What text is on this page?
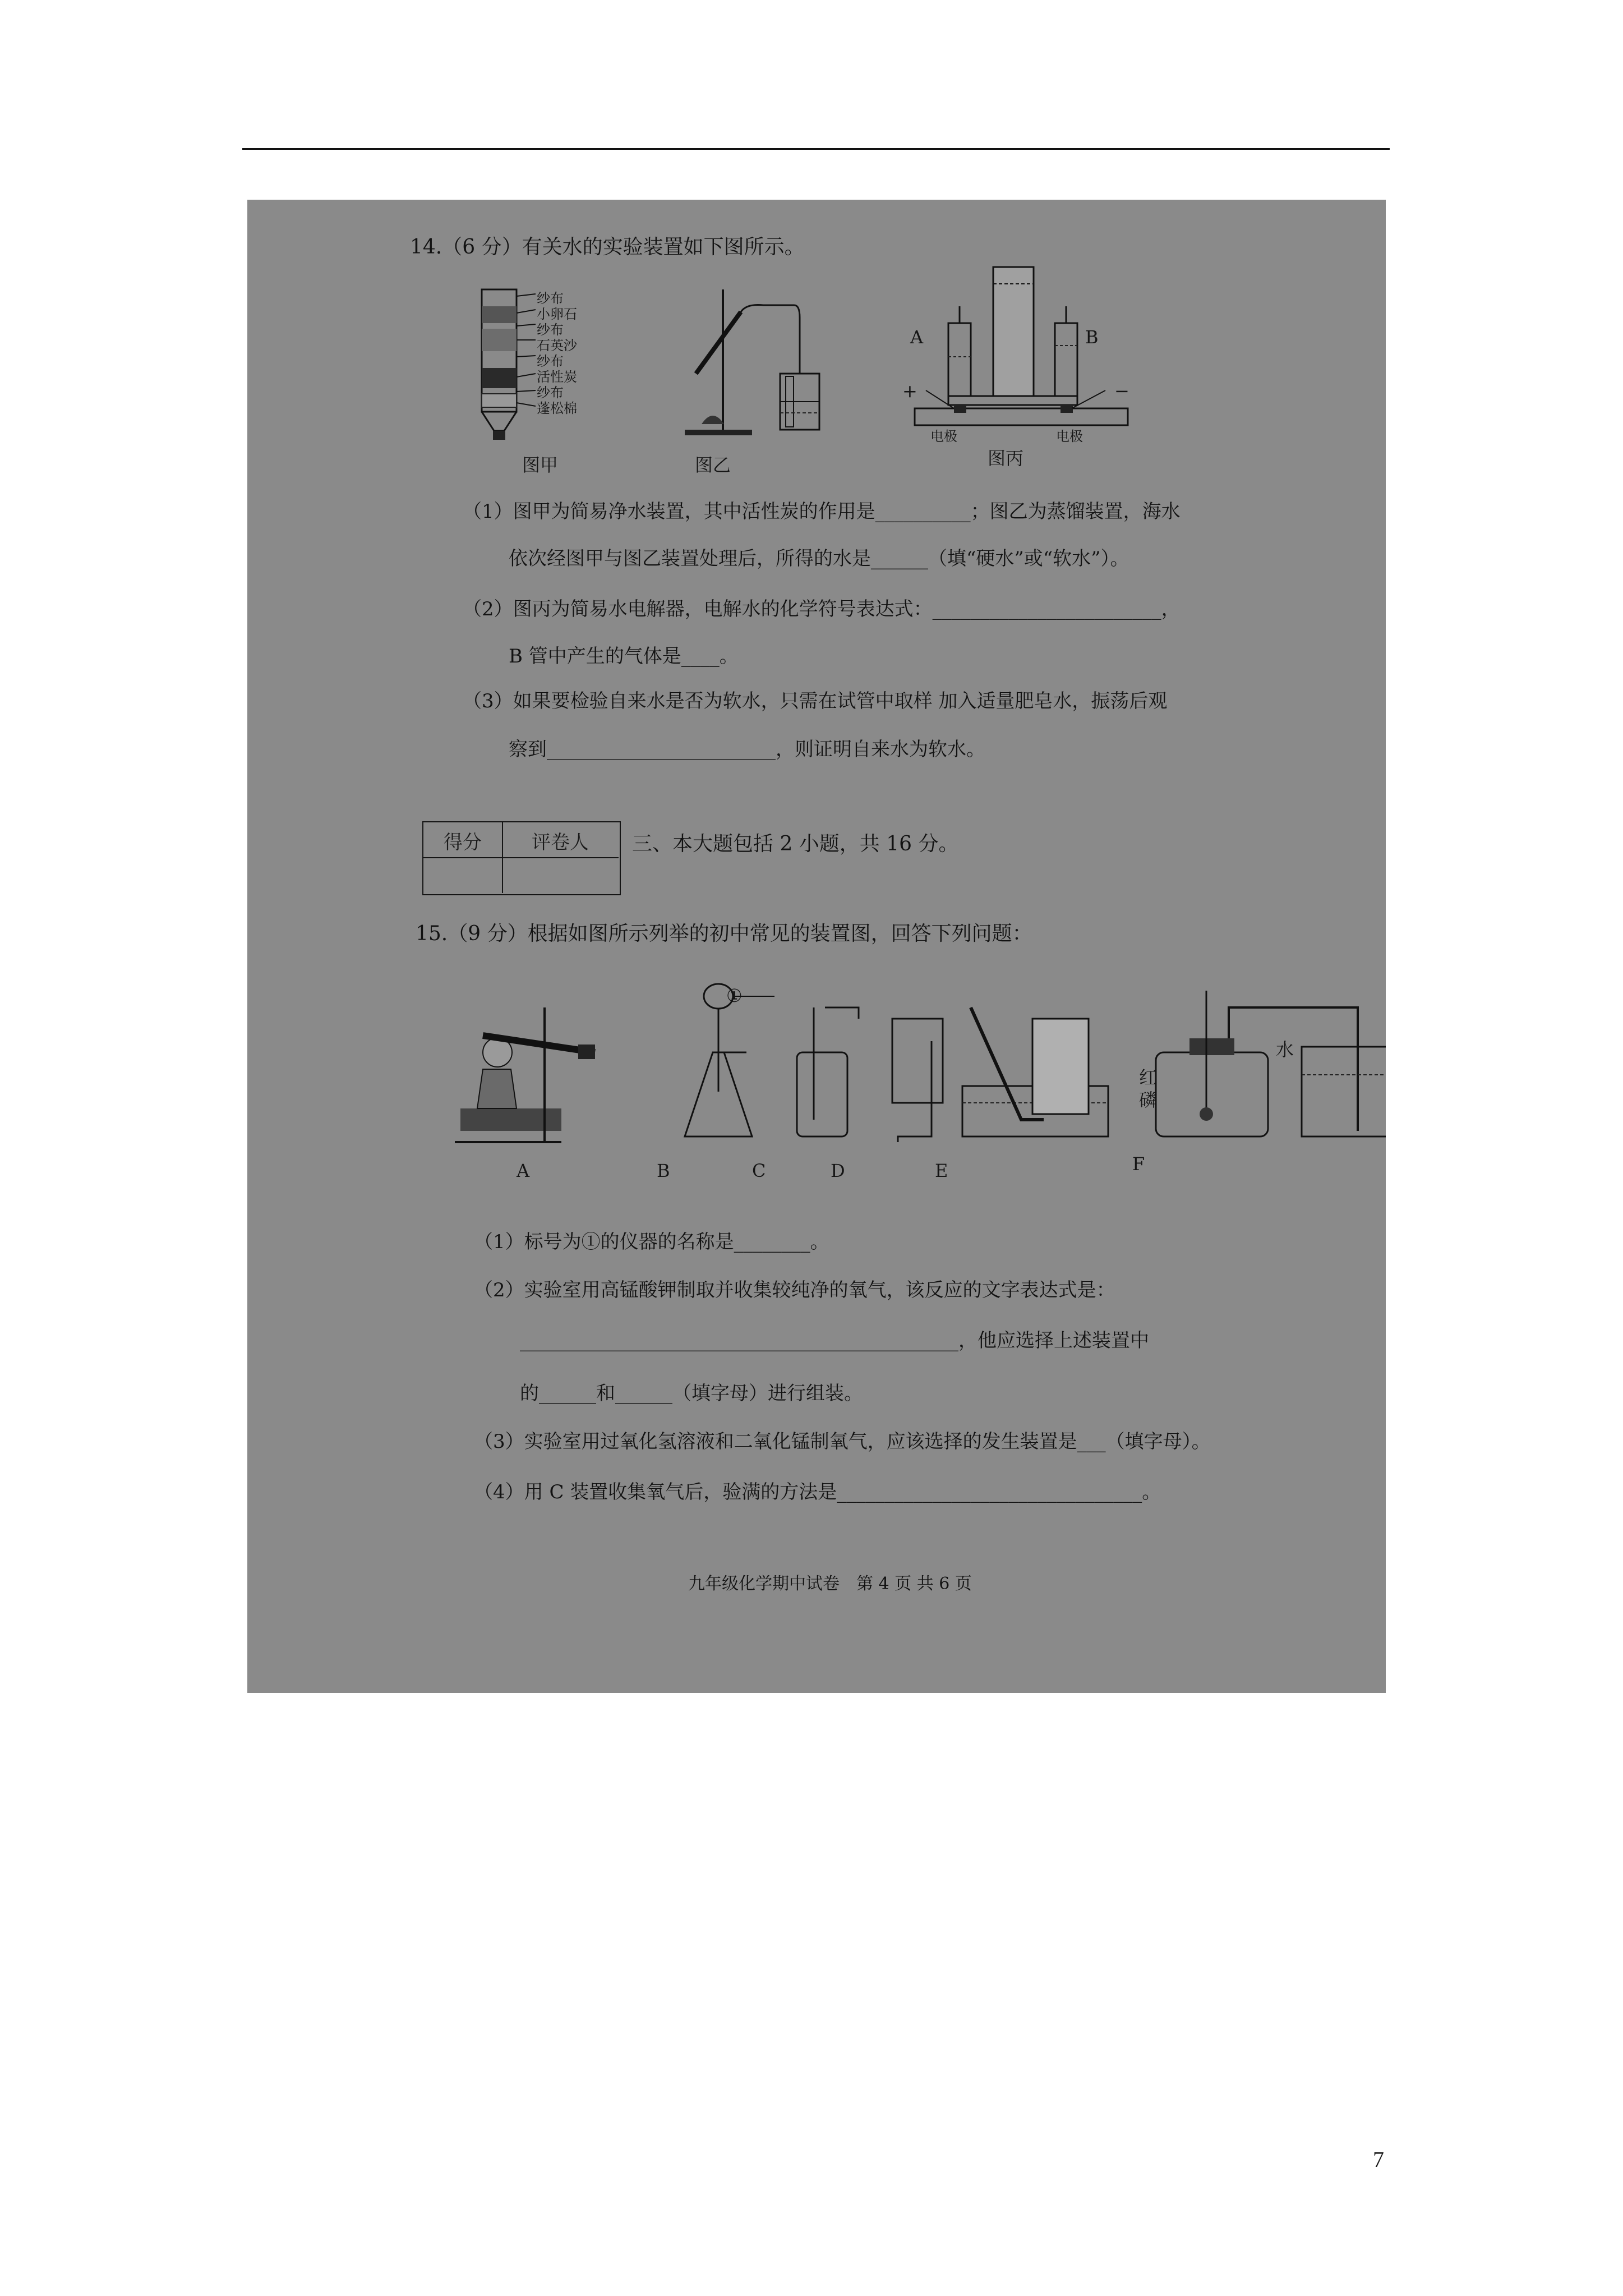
14.（6 分）有关水的实验装置如下图所示。
纱布
小卵石
纱布
石英沙
纱布
活性炭
纱布
蓬松棉
图甲	图乙
A	B
+	−
电极	电极
图丙
（1）图甲为简易净水装置，其中活性炭的作用是__________；图乙为蒸馏装置，海水
依次经图甲与图乙装置处理后，所得的水是______（填“硬水”或“软水”）。
（2）图丙为简易水电解器，电解水的化学符号表达式：________________________，
B 管中产生的气体是____。
（3）如果要检验自来水是否为软水，只需在试管中取样 加入适量肥皂水，振荡后观
察到________________________，则证明自来水为软水。
得分	评卷人	三、本大题包括 2 小题，共 16 分。
15.（9 分）根据如图所示列举的初中常见的装置图，回答下列问题：
①
红
磷
水
A	B	C	D	E	F
（1）标号为①的仪器的名称是________。
（2）实验室用高锰酸钾制取并收集较纯净的氧气，该反应的文字表达式是：
______________________________________________，他应选择上述装置中
的______和______（填字母）进行组装。
（3）实验室用过氧化氢溶液和二氧化锰制氧气，应该选择的发生装置是___（填字母）。
（4）用 C 装置收集氧气后，验满的方法是________________________________。
九年级化学期中试卷　第 4 页 共 6 页
7
